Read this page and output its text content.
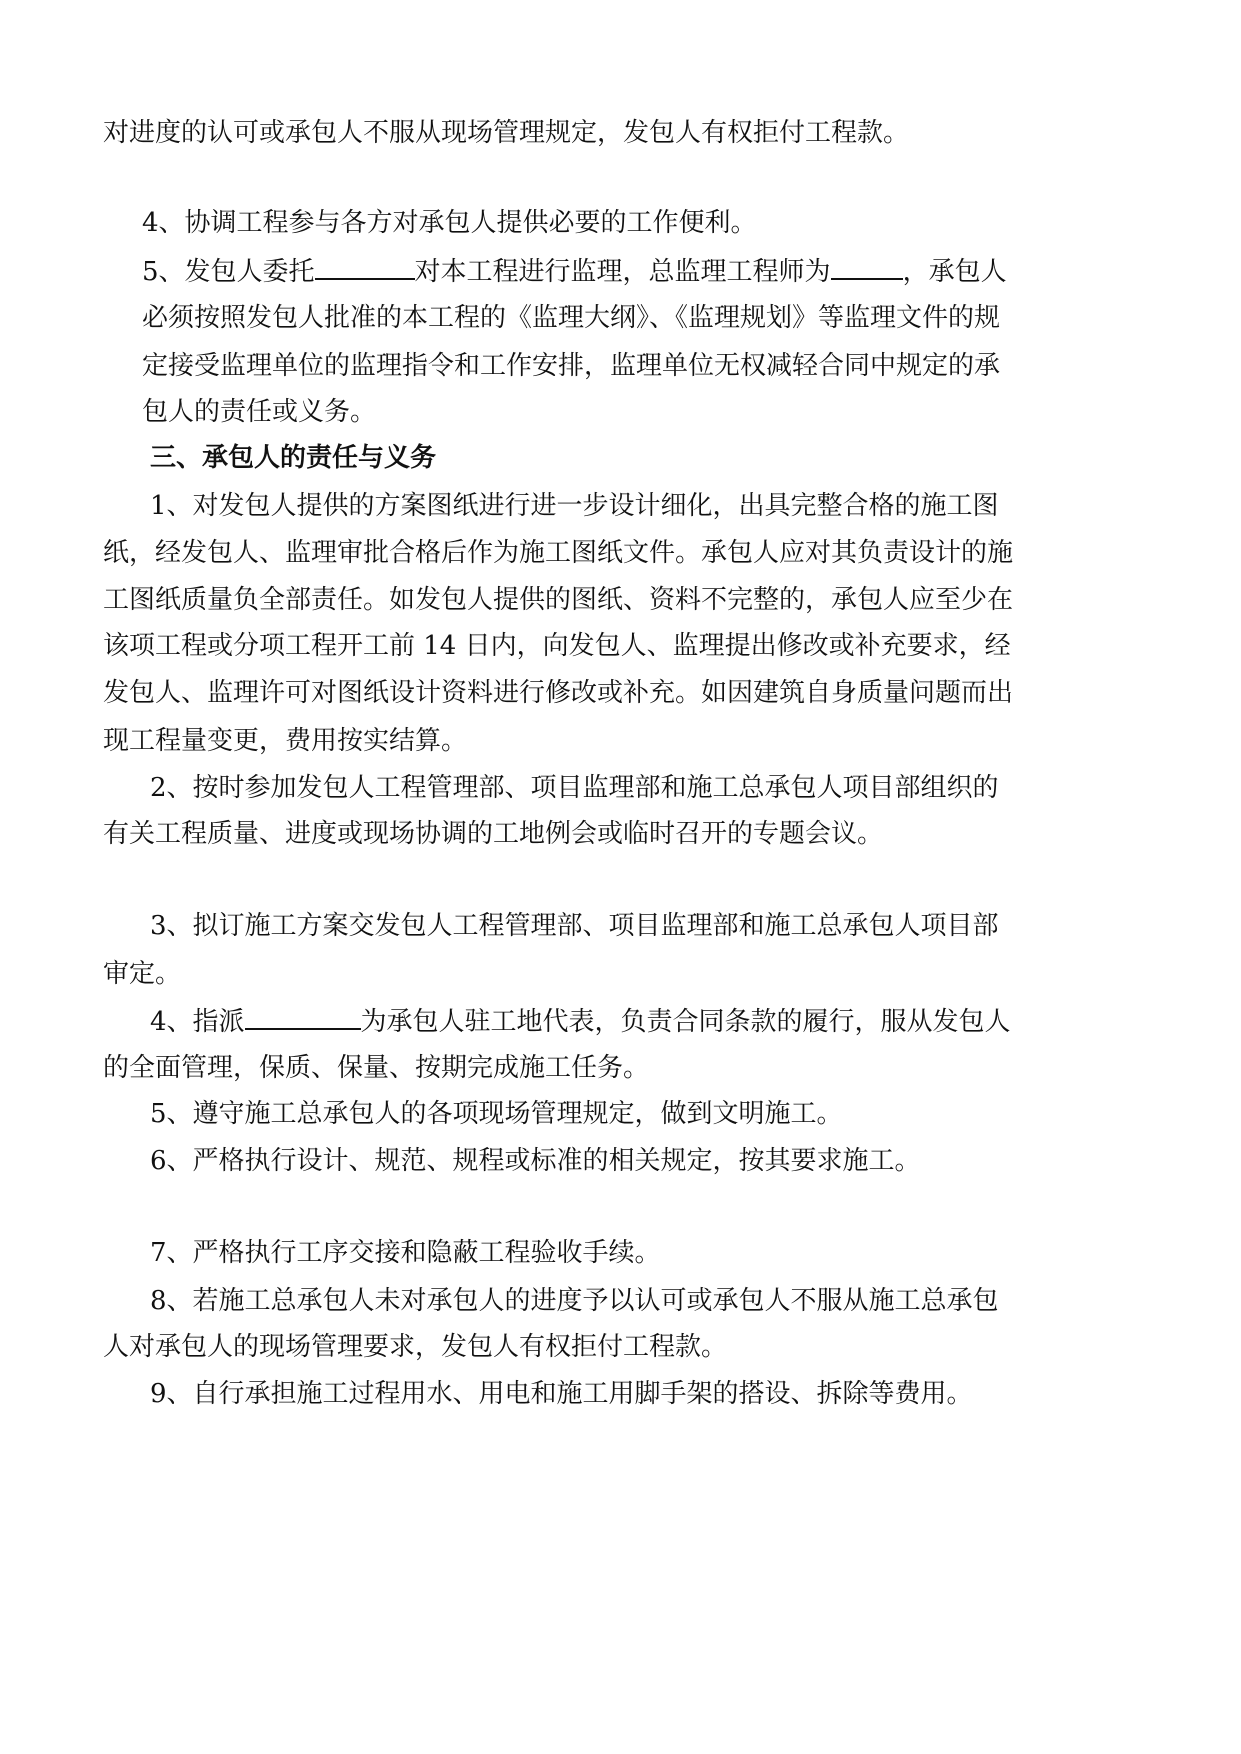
对进度的认可或承包人不服从现场管理规定，发包人有权拒付工程款。
4、协调工程参与各方对承包人提供必要的工作便利。
5、发包人委托	对本工程进行监理，总监理工程师为	，承包人
必须按照发包人批准的本工程的《监理大纲》、《监理规划》等监理文件的规
定接受监理单位的监理指令和工作安排，监理单位无权减轻合同中规定的承
包人的责任或义务。
三、承包人的责任与义务
1、对发包人提供的方案图纸进行进一步设计细化，出具完整合格的施工图
纸，经发包人、监理审批合格后作为施工图纸文件。承包人应对其负责设计的施
工图纸质量负全部责任。如发包人提供的图纸、资料不完整的，承包人应至少在
该项工程或分项工程开工前 14 日内，向发包人、监理提出修改或补充要求，经
发包人、监理许可对图纸设计资料进行修改或补充。如因建筑自身质量问题而出
现工程量变更，费用按实结算。
2、按时参加发包人工程管理部、项目监理部和施工总承包人项目部组织的
有关工程质量、进度或现场协调的工地例会或临时召开的专题会议。
3、拟订施工方案交发包人工程管理部、项目监理部和施工总承包人项目部
审定。
4、指派	为承包人驻工地代表，负责合同条款的履行，服从发包人
的全面管理，保质、保量、按期完成施工任务。
5、遵守施工总承包人的各项现场管理规定，做到文明施工。
6、严格执行设计、规范、规程或标准的相关规定，按其要求施工。
7、严格执行工序交接和隐蔽工程验收手续。
8、若施工总承包人未对承包人的进度予以认可或承包人不服从施工总承包
人对承包人的现场管理要求，发包人有权拒付工程款。
9、自行承担施工过程用水、用电和施工用脚手架的搭设、拆除等费用。
